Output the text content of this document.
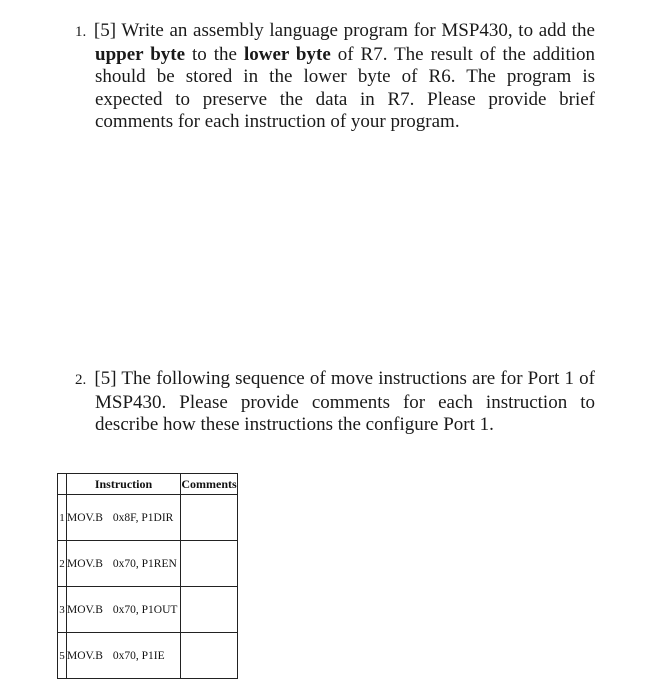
1. [5] Write an assembly language program for MSP430, to add the upper byte to the lower byte of R7. The result of the addition should be stored in the lower byte of R6. The program is expected to preserve the data in R7. Please provide brief comments for each instruction of your program.
2. [5] The following sequence of move instructions are for Port 1 of MSP430. Please provide comments for each instruction to describe how these instructions the configure Port 1.
	Instruction	Comments
1	MOV.B 0x8F, P1DIR	
2	MOV.B 0x70, P1REN	
3	MOV.B 0x70, P1OUT	
5	MOV.B 0x70, P1IE	
